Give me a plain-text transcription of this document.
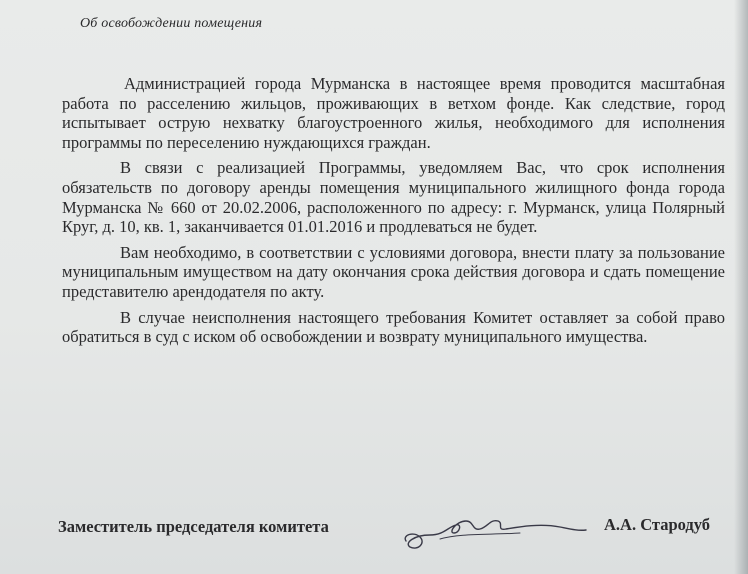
Об освобождении помещения

Администрацией города Мурманска в настоящее время проводится масштабная работа по расселению жильцов, проживающих в ветхом фонде. Как следствие, город испытывает острую нехватку благоустроенного жилья, необходимого для исполнения программы по переселению нуждающихся граждан.

В связи с реализацией Программы, уведомляем Вас, что срок исполнения обязательств по договору аренды помещения муниципального жилищного фонда города Мурманска № 660 от 20.02.2006, расположенного по адресу: г. Мурманск, улица Полярный Круг, д. 10, кв. 1, заканчивается 01.01.2016 и продлеваться не будет.

Вам необходимо, в соответствии с условиями договора, внести плату за пользование муниципальным имуществом на дату окончания срока действия договора и сдать помещение представителю арендодателя по акту.

В случае неисполнения настоящего требования Комитет оставляет за собой право обратиться в суд с иском об освобождении и возврату муниципального имущества.

Заместитель председателя комитета	А.А. Стародуб
